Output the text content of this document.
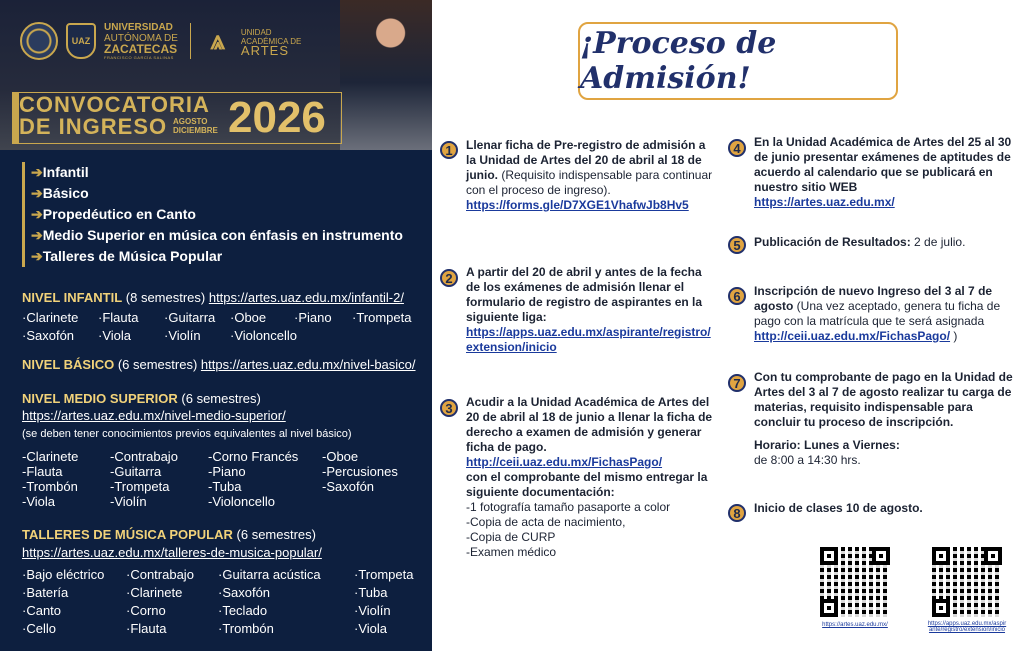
UAZ
UNIVERSIDAD
AUTÓNOMA DE
ZACATECAS
FRANCISCO GARCÍA SALINAS
⩓	UNIDAD
ACADÉMICA DE
ARTES
CONVOCATORIA
DE INGRESO AGOSTO
DICIEMBRE 2026
➔Infantil
➔Básico
➔Propedéutico en Canto
➔Medio Superior en música con énfasis en instrumento
➔Talleres de Música Popular
NIVEL INFANTIL (8 semestres) https://artes.uaz.edu.mx/infantil-2/
·Clarinete	·Flauta	·Guitarra	·Oboe	·Piano	·Trompeta
·Saxofón	·Viola	·Violín	·Violoncello
NIVEL BÁSICO (6 semestres) https://artes.uaz.edu.mx/nivel-basico/
NIVEL MEDIO SUPERIOR (6 semestres)
https://artes.uaz.edu.mx/nivel-medio-superior/
(se deben tener conocimientos previos equivalentes al nivel básico)
-Clarinete	-Contrabajo	-Corno Francés	-Oboe
-Flauta	-Guitarra	-Piano	-Percusiones
-Trombón	-Trompeta	-Tuba	-Saxofón
-Viola	-Violín	-Violoncello
TALLERES DE MÚSICA POPULAR (6 semestres)
https://artes.uaz.edu.mx/talleres-de-musica-popular/
·Bajo eléctrico	·Contrabajo	·Guitarra acústica	·Trompeta
·Batería	·Clarinete	·Saxofón	·Tuba
·Canto	·Corno	·Teclado	·Violín
·Cello	·Flauta	·Trombón	·Viola
¡Proceso de Admisión!
1	Llenar ficha de Pre-registro de admisión a la Unidad de Artes del 20 de abril al 18 de junio. (Requisito indispensable para continuar con el proceso de ingreso).
https://forms.gle/D7XGE1VhafwJb8Hv5
2	A partir del 20 de abril y antes de la fecha de los exámenes de admisión llenar el formulario de registro de aspirantes en la siguiente liga:
https://apps.uaz.edu.mx/aspirante/registro/extension/inicio
3	Acudir a la Unidad Académica de Artes del 20 de abril al 18 de junio a llenar la ficha de derecho a examen de admisión y generar ficha de pago.
http://ceii.uaz.edu.mx/FichasPago/
con el comprobante del mismo entregar la siguiente documentación:
-1 fotografía tamaño pasaporte a color
-Copia de acta de nacimiento,
-Copia de CURP
-Examen médico
4	En la Unidad Académica de Artes del 25 al 30 de junio presentar exámenes de aptitudes de acuerdo al calendario que se publicará en nuestro sitio WEB
https://artes.uaz.edu.mx/
5	Publicación de Resultados: 2 de julio.
6	Inscripción de nuevo Ingreso del 3 al 7 de agosto (Una vez aceptado, genera tu ficha de pago con la matrícula que te será asignada http://ceii.uaz.edu.mx/FichasPago/ )
7	Con tu comprobante de pago en la Unidad de Artes del 3 al 7 de agosto realizar tu carga de materias, requisito indispensable para concluir tu proceso de inscripción.
Horario: Lunes a Viernes:
de 8:00 a 14:30 hrs.
8	Inicio de clases 10 de agosto.
https://artes.uaz.edu.mx/	https://apps.uaz.edu.mx/aspir
ante/registro/extension/inicio
